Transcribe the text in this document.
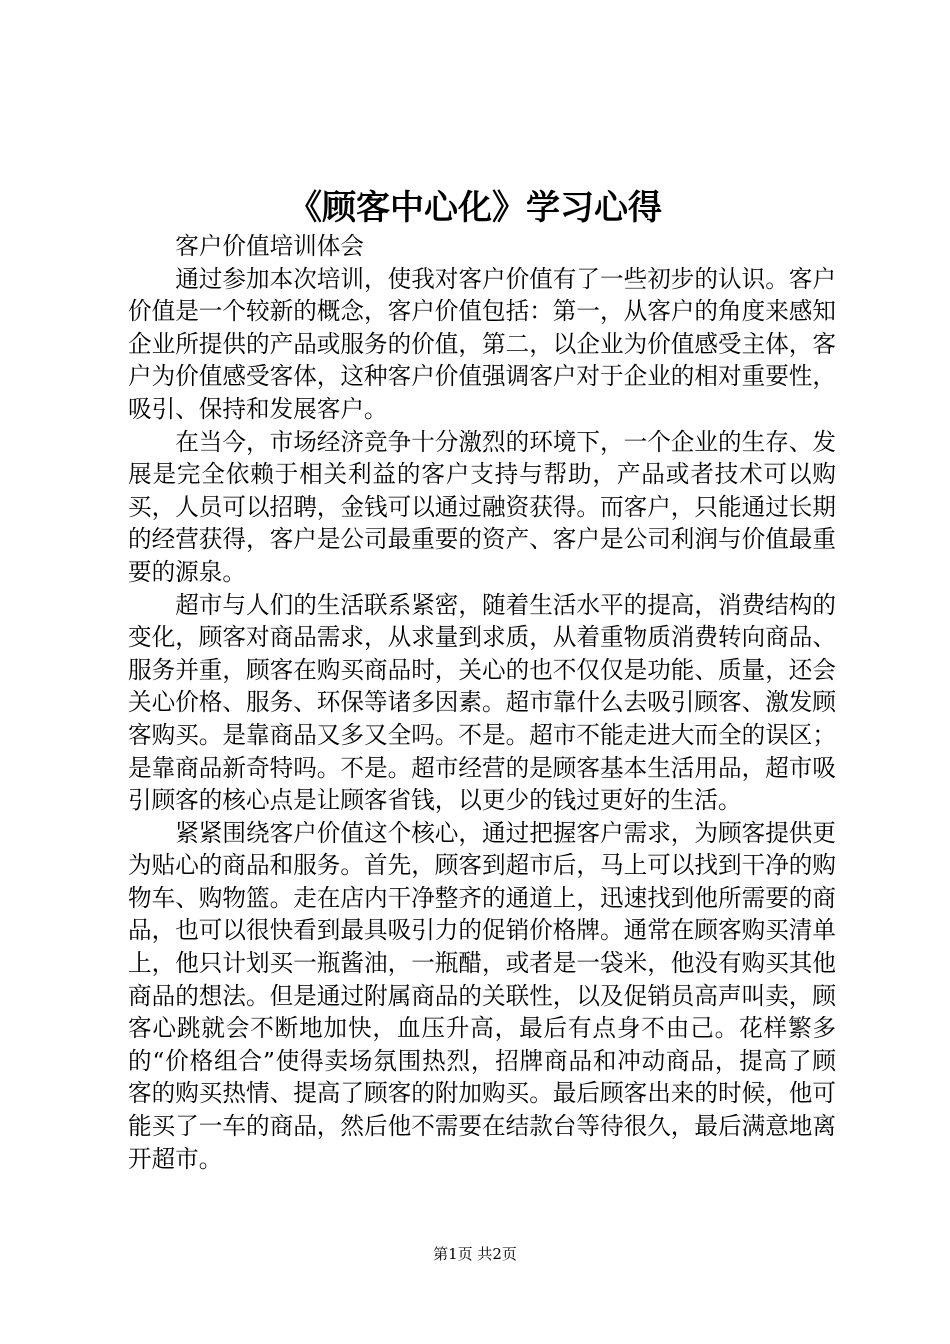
《顾客中心化》学习心得

客户价值培训体会

通过参加本次培训，使我对客户价值有了一些初步的认识。客户价值是一个较新的概念，客户价值包括：第一，从客户的角度来感知企业所提供的产品或服务的价值，第二，以企业为价值感受主体，客户为价值感受客体，这种客户价值强调客户对于企业的相对重要性，吸引、保持和发展客户。

在当今，市场经济竞争十分激烈的环境下，一个企业的生存、发展是完全依赖于相关利益的客户支持与帮助，产品或者技术可以购买，人员可以招聘，金钱可以通过融资获得。而客户，只能通过长期的经营获得，客户是公司最重要的资产、客户是公司利润与价值最重要的源泉。

超市与人们的生活联系紧密，随着生活水平的提高，消费结构的变化，顾客对商品需求，从求量到求质，从着重物质消费转向商品、服务并重，顾客在购买商品时，关心的也不仅仅是功能、质量，还会关心价格、服务、环保等诸多因素。超市靠什么去吸引顾客、激发顾客购买。是靠商品又多又全吗。不是。超市不能走进大而全的误区；是靠商品新奇特吗。不是。超市经营的是顾客基本生活用品，超市吸引顾客的核心点是让顾客省钱，以更少的钱过更好的生活。

紧紧围绕客户价值这个核心，通过把握客户需求，为顾客提供更为贴心的商品和服务。首先，顾客到超市后，马上可以找到干净的购物车、购物篮。走在店内干净整齐的通道上，迅速找到他所需要的商品，也可以很快看到最具吸引力的促销价格牌。通常在顾客购买清单上，他只计划买一瓶酱油，一瓶醋，或者是一袋米，他没有购买其他商品的想法。但是通过附属商品的关联性，以及促销员高声叫卖，顾客心跳就会不断地加快，血压升高，最后有点身不由己。花样繁多的“价格组合”使得卖场氛围热烈，招牌商品和冲动商品，提高了顾客的购买热情、提高了顾客的附加购买。最后顾客出来的时候，他可能买了一车的商品，然后他不需要在结款台等待很久，最后满意地离开超市。

第1页 共2页
